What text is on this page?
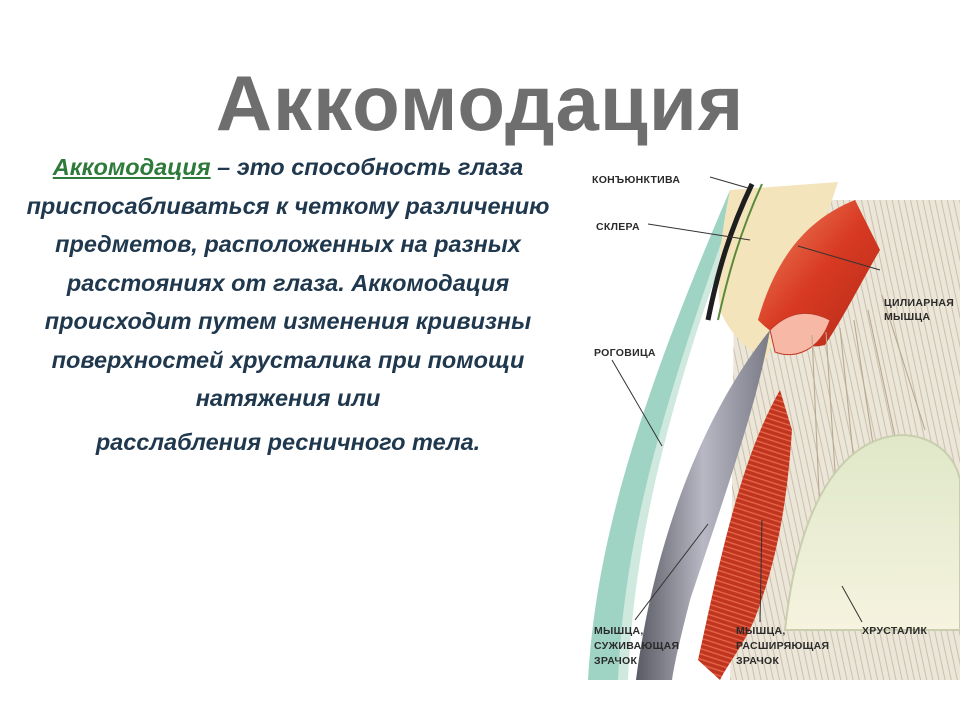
Аккомодация
Аккомодация – это способность глаза приспосабливаться к четкому различению предметов, расположенных на разных расстояниях от глаза. Аккомодация происходит путем изменения кривизны поверхностей хрусталика при помощи натяжения или
расслабления ресничного тела.
КОНЪЮНКТИВА
СКЛЕРА
ЦИЛИАРНАЯ
МЫШЦА
РОГОВИЦА
МЫШЦА,
СУЖИВАЮЩАЯ
ЗРАЧОК
МЫШЦА,
РАСШИРЯЮЩАЯ
ЗРАЧОК
ХРУСТАЛИК
